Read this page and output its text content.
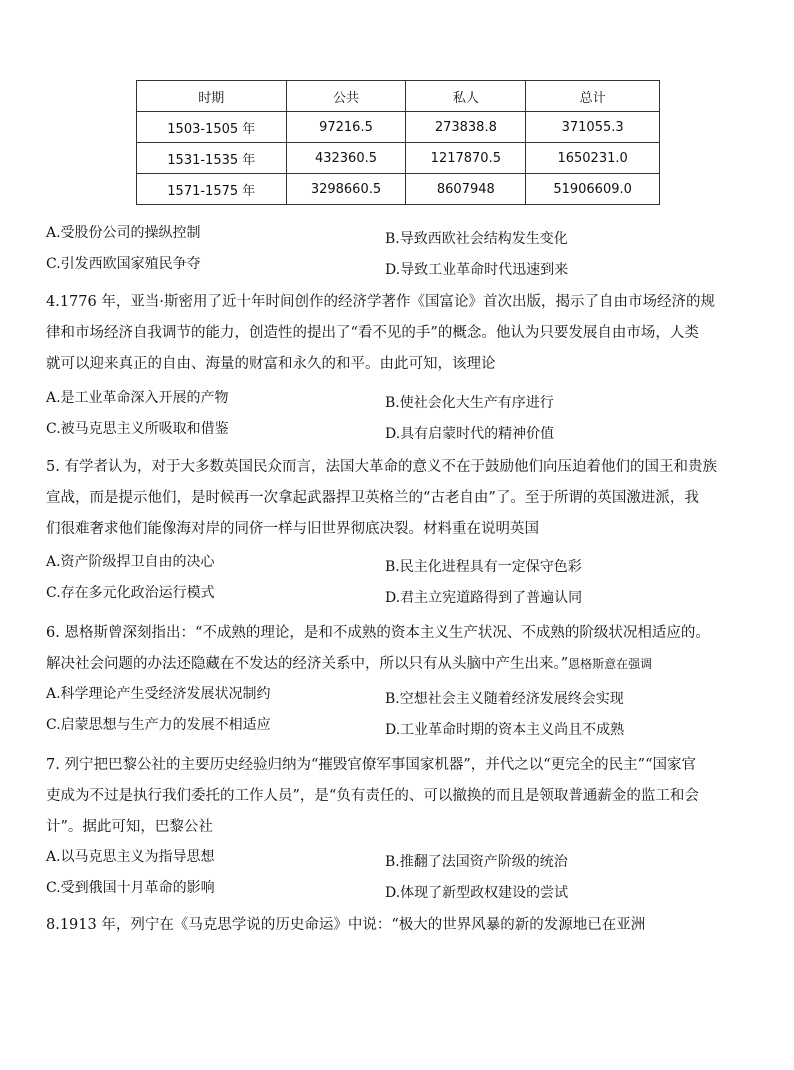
时期	公共	私人	总计
1503-1505 年	97216.5	273838.8	371055.3
1531-1535 年	432360.5	1217870.5	1650231.0
1571-1575 年	3298660.5	8607948	51906609.0
A.受股份公司的操纵控制	B.导致西欧社会结构发生变化
C.引发西欧国家殖民争夺	D.导致工业革命时代迅速到来
4.1776 年，亚当·斯密用了近十年时间创作的经济学著作《国富论》首次出版，揭示了自由市场经济的规
律和市场经济自我调节的能力，创造性的提出了“看不见的手”的概念。他认为只要发展自由市场，人类
就可以迎来真正的自由、海量的财富和永久的和平。由此可知，该理论
A.是工业革命深入开展的产物	B.使社会化大生产有序进行
C.被马克思主义所吸取和借鉴	D.具有启蒙时代的精神价值
5. 有学者认为，对于大多数英国民众而言，法国大革命的意义不在于鼓励他们向压迫着他们的国王和贵族
宣战，而是提示他们，是时候再一次拿起武器捍卫英格兰的“古老自由”了。至于所谓的英国激进派，我
们很难奢求他们能像海对岸的同侪一样与旧世界彻底决裂。材料重在说明英国
A.资产阶级捍卫自由的决心	B.民主化进程具有一定保守色彩
C.存在多元化政治运行模式	D.君主立宪道路得到了普遍认同
6. 恩格斯曾深刻指出：“不成熟的理论，是和不成熟的资本主义生产状况、不成熟的阶级状况相适应的。
解决社会问题的办法还隐藏在不发达的经济关系中，所以只有从头脑中产生出来。”恩格斯意在强调
A.科学理论产生受经济发展状况制约	B.空想社会主义随着经济发展终会实现
C.启蒙思想与生产力的发展不相适应	D.工业革命时期的资本主义尚且不成熟
7. 列宁把巴黎公社的主要历史经验归纳为“摧毁官僚军事国家机器”，并代之以“更完全的民主”“国家官
吏成为不过是执行我们委托的工作人员”，是“负有责任的、可以撤换的而且是领取普通薪金的监工和会
计”。据此可知，巴黎公社
A.以马克思主义为指导思想	B.推翻了法国资产阶级的统治
C.受到俄国十月革命的影响	D.体现了新型政权建设的尝试
8.1913 年，列宁在《马克思学说的历史命运》中说：“极大的世界风暴的新的发源地已在亚洲
